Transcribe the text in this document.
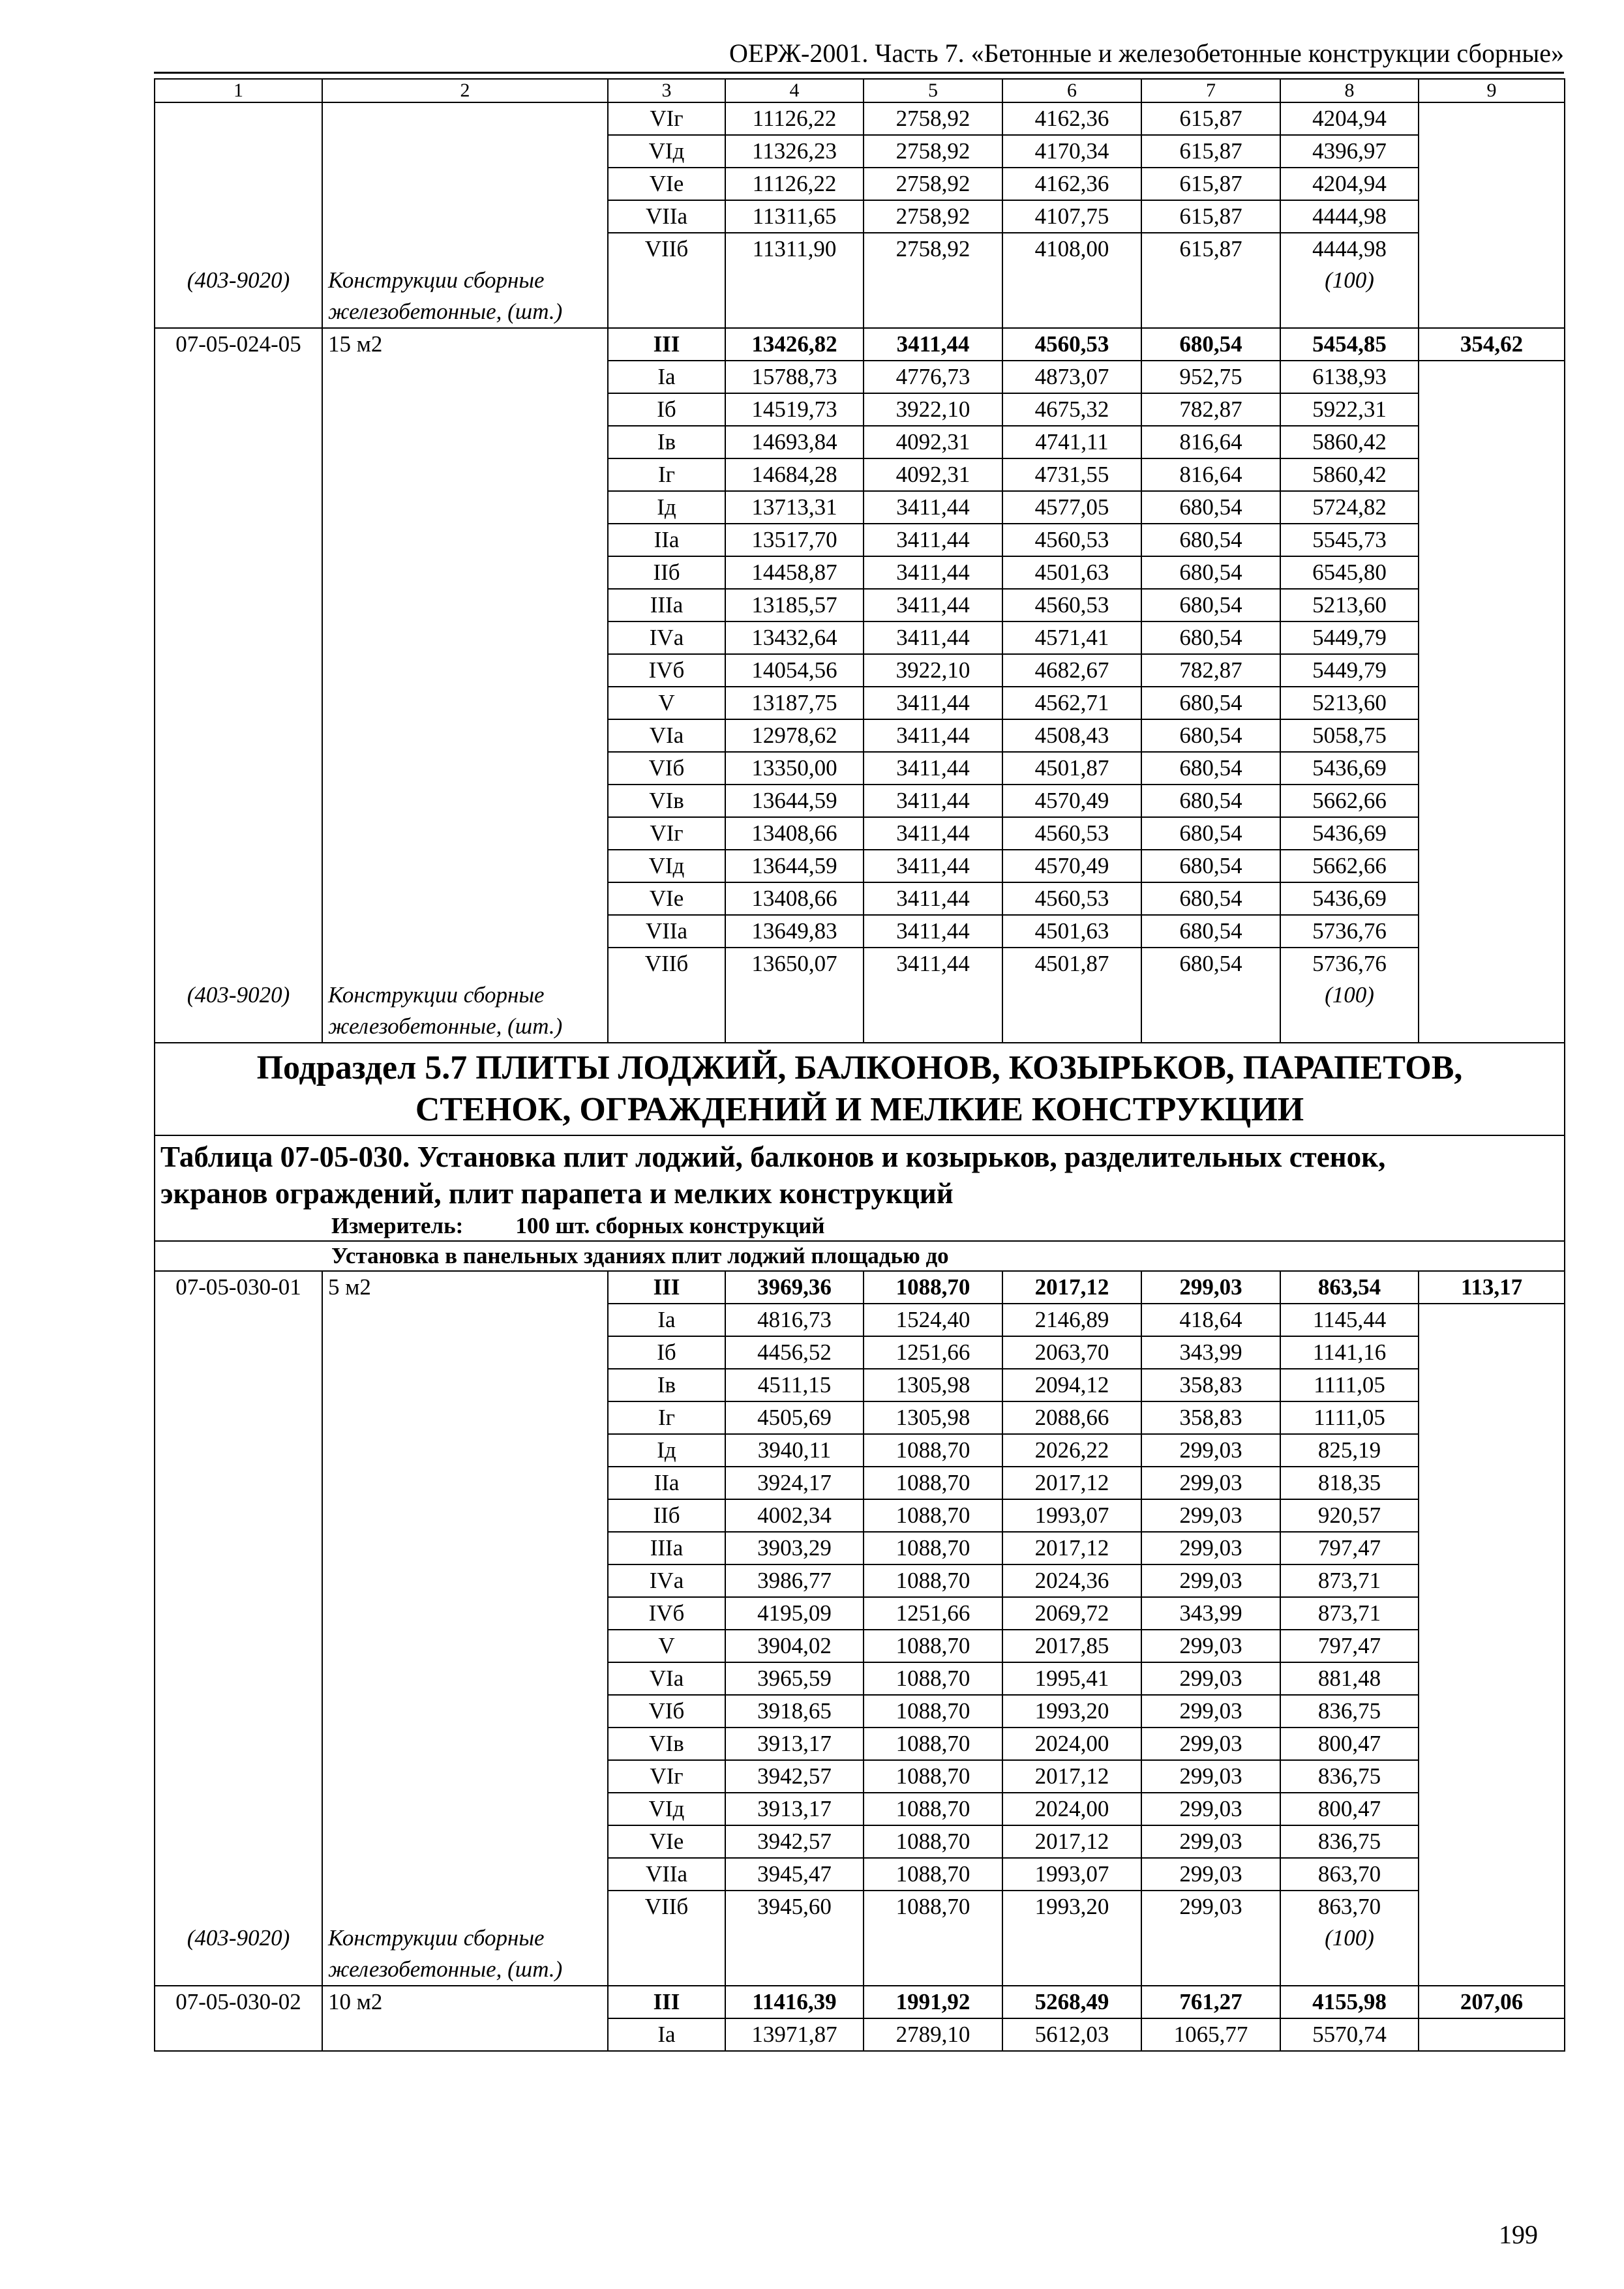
ОЕРЖ-2001. Часть 7. «Бетонные и железобетонные конструкции сборные»
1	2	3	4	5	6	7	8	9
		VIг	11126,22	2758,92	4162,36	615,87	4204,94	
		VIд	11326,23	2758,92	4170,34	615,87	4396,97	
		VIе	11126,22	2758,92	4162,36	615,87	4204,94	
		VIIа	11311,65	2758,92	4107,75	615,87	4444,98	
		VIIб	11311,90	2758,92	4108,00	615,87	4444,98	
(403-9020)	Конструкции сборные железобетонные, (шт.)						(100)	
07-05-024-05	15 м2	III	13426,82	3411,44	4560,53	680,54	5454,85	354,62
		Iа	15788,73	4776,73	4873,07	952,75	6138,93	
		Iб	14519,73	3922,10	4675,32	782,87	5922,31	
		Iв	14693,84	4092,31	4741,11	816,64	5860,42	
		Iг	14684,28	4092,31	4731,55	816,64	5860,42	
		Iд	13713,31	3411,44	4577,05	680,54	5724,82	
		IIа	13517,70	3411,44	4560,53	680,54	5545,73	
		IIб	14458,87	3411,44	4501,63	680,54	6545,80	
		IIIа	13185,57	3411,44	4560,53	680,54	5213,60	
		IVа	13432,64	3411,44	4571,41	680,54	5449,79	
		IVб	14054,56	3922,10	4682,67	782,87	5449,79	
		V	13187,75	3411,44	4562,71	680,54	5213,60	
		VIа	12978,62	3411,44	4508,43	680,54	5058,75	
		VIб	13350,00	3411,44	4501,87	680,54	5436,69	
		VIв	13644,59	3411,44	4570,49	680,54	5662,66	
		VIг	13408,66	3411,44	4560,53	680,54	5436,69	
		VIд	13644,59	3411,44	4570,49	680,54	5662,66	
		VIе	13408,66	3411,44	4560,53	680,54	5436,69	
		VIIа	13649,83	3411,44	4501,63	680,54	5736,76	
		VIIб	13650,07	3411,44	4501,87	680,54	5736,76	
(403-9020)	Конструкции сборные железобетонные, (шт.)						(100)	

Подраздел 5.7 ПЛИТЫ ЛОДЖИЙ, БАЛКОНОВ, КОЗЫРЬКОВ, ПАРАПЕТОВ,
СТЕНОК, ОГРАЖДЕНИЙ И МЕЛКИЕ КОНСТРУКЦИИ								

Таблица 07-05-030. Установка плит лоджий, балконов и козырьков, разделительных стенок,
экранов ограждений, плит парапета и мелких конструкций
Измеритель: 100 шт. сборных конструкций								

Установка в панельных зданиях плит лоджий площадью до								
07-05-030-01	5 м2	III	3969,36	1088,70	2017,12	299,03	863,54	113,17
		Iа	4816,73	1524,40	2146,89	418,64	1145,44	
		Iб	4456,52	1251,66	2063,70	343,99	1141,16	
		Iв	4511,15	1305,98	2094,12	358,83	1111,05	
		Iг	4505,69	1305,98	2088,66	358,83	1111,05	
		Iд	3940,11	1088,70	2026,22	299,03	825,19	
		IIа	3924,17	1088,70	2017,12	299,03	818,35	
		IIб	4002,34	1088,70	1993,07	299,03	920,57	
		IIIа	3903,29	1088,70	2017,12	299,03	797,47	
		IVа	3986,77	1088,70	2024,36	299,03	873,71	
		IVб	4195,09	1251,66	2069,72	343,99	873,71	
		V	3904,02	1088,70	2017,85	299,03	797,47	
		VIа	3965,59	1088,70	1995,41	299,03	881,48	
		VIб	3918,65	1088,70	1993,20	299,03	836,75	
		VIв	3913,17	1088,70	2024,00	299,03	800,47	
		VIг	3942,57	1088,70	2017,12	299,03	836,75	
		VIд	3913,17	1088,70	2024,00	299,03	800,47	
		VIе	3942,57	1088,70	2017,12	299,03	836,75	
		VIIа	3945,47	1088,70	1993,07	299,03	863,70	
		VIIб	3945,60	1088,70	1993,20	299,03	863,70	
(403-9020)	Конструкции сборные железобетонные, (шт.)						(100)	
07-05-030-02	10 м2	III	11416,39	1991,92	5268,49	761,27	4155,98	207,06
		Iа	13971,87	2789,10	5612,03	1065,77	5570,74	
199
